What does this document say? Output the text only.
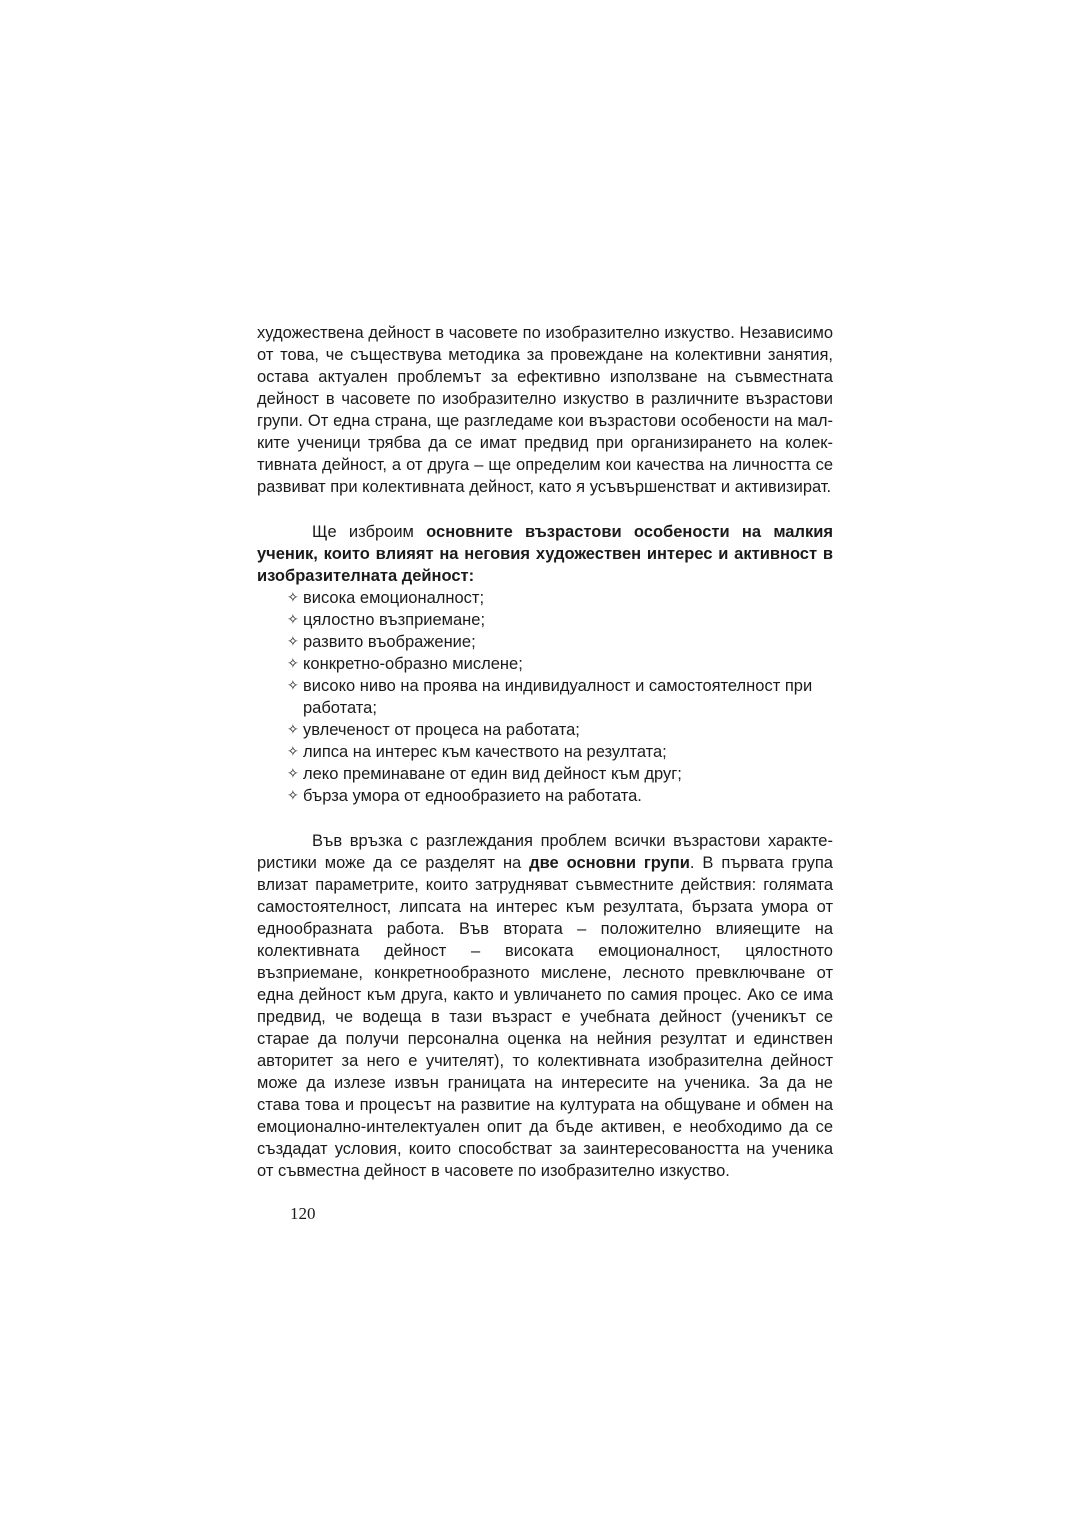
художествена дейност в часовете по изобразително изкуство. Независимо от това, че съществува методика за провеждане на колективни занятия, остава актуален проблемът за ефективно използване на съвместната дейност в часовете по изобразително изкуство в различните възрастови групи. От една страна, ще разгледаме кои възрастови особености на малките ученици трябва да се имат предвид при организирането на колективната дейност, а от друга – ще определим кои качества на личността се развиват при колективната дейност, като я усъвършенстват и активизират.

Ще изброим основните възрастови особености на малкия ученик, които влияят на неговия художествен интерес и активност в изобразителната дейност:

✧ висока емоционалност;
✧ цялостно възприемане;
✧ развито въображение;
✧ конкретно-образно мислене;
✧ високо ниво на проява на индивидуалност и самостоятелност при работата;
✧ увлеченост от процеса на работата;
✧ липса на интерес към качеството на резултата;
✧ леко преминаване от един вид дейност към друг;
✧ бърза умора от еднообразието на работата.

Във връзка с разглеждания проблем всички възрастови характеристики може да се разделят на две основни групи. В първата група влизат параметрите, които затрудняват съвместните действия: голямата самостоятелност, липсата на интерес към резултата, бързата умора от еднообразната работа. Във втората – положително влияещите на колективната дейност – високата емоционалност, цялостното възприемане, конкретнообразното мислене, лесното превключване от една дейност към друга, както и увличането по самия процес. Ако се има предвид, че водеща в тази възраст е учебната дейност (ученикът се старае да получи персонална оценка на нейния резултат и единствен авторитет за него е учителят), то колективната изобразителна дейност може да излезе извън границата на интересите на ученика. За да не става това и процесът на развитие на културата на общуване и обмен на емоционално-интелектуален опит да бъде активен, е необходимо да се създадат условия, които способстват за заинтересоваността на ученика от съвместна дейност в часовете по изобразително изкуство.

120
